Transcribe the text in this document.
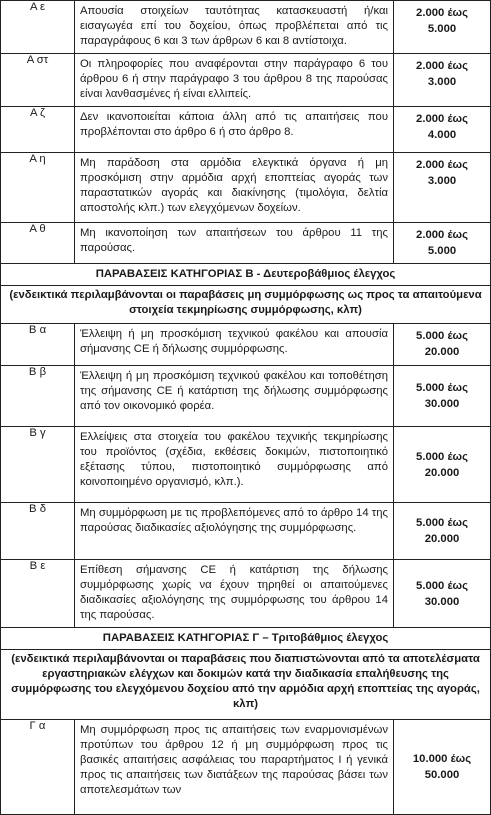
Α ε	Απουσία στοιχείων ταυτότητας κατασκευαστή ή/και εισαγωγέα επί του δοχείου, όπως προβλέπεται από τις παραγράφους 6 και 3 των άρθρων 6 και 8 αντίστοιχα.	2.000 έως
5.000
Α στ	Οι πληροφορίες που αναφέρονται στην παράγραφο 6 του άρθρου 6 ή στην παράγραφο 3 του άρθρου 8 της παρούσας είναι λανθασμένες ή είναι ελλιπείς.	2.000 έως
3.000
Α ζ	Δεν ικανοποιείται κάποια άλλη από τις απαιτήσεις που προβλέπονται στο άρθρο 6 ή στο άρθρο 8.	2.000 έως
4.000
Α η	Μη παράδοση στα αρμόδια ελεγκτικά όργανα ή μη προσκόμιση στην αρμόδια αρχή εποπτείας αγοράς των παραστατικών αγοράς και διακίνησης (τιμολόγια, δελτία αποστολής κλπ.) των ελεγχόμενων δοχείων.	2.000 έως
3.000
Α θ	Μη ικανοποίηση των απαιτήσεων του άρθρου 11 της παρούσας.	2.000 έως
5.000
ΠΑΡΑΒΑΣΕΙΣ ΚΑΤΗΓΟΡΙΑΣ Β - Δευτεροβάθμιος έλεγχος		
(ενδεικτικά περιλαμβάνονται οι παραβάσεις μη συμμόρφωσης ως προς τα απαιτούμενα στοιχεία τεκμηρίωσης συμμόρφωσης, κλπ)		
Β α	Έλλειψη ή μη προσκόμιση τεχνικού φακέλου και απουσία σήμανσης CE ή δήλωσης συμμόρφωσης.	5.000 έως
20.000
Β β	Έλλειψη ή μη προσκόμιση τεχνικού φακέλου και τοποθέτηση της σήμανσης CE ή κατάρτιση της δήλωσης συμμόρφωσης από τον οικονομικό φορέα.	5.000 έως
30.000
Β γ	Ελλείψεις στα στοιχεία του φακέλου τεχνικής τεκμηρίωσης του προϊόντος (σχέδια, εκθέσεις δοκιμών, πιστοποιητικό εξέτασης τύπου, πιστοποιητικό συμμόρφωσης από κοινοποιημένο οργανισμό, κλπ.).	5.000 έως
20.000
Β δ	Μη συμμόρφωση με τις προβλεπόμενες από το άρθρο 14 της παρούσας διαδικασίες αξιολόγησης της συμμόρφωσης.	5.000 έως
20.000
Β ε	Επίθεση σήμανσης CE ή κατάρτιση της δήλωσης συμμόρφωσης χωρίς να έχουν τηρηθεί οι απαιτούμενες διαδικασίες αξιολόγησης της συμμόρφωσης του άρθρου 14 της παρούσας.	5.000 έως
30.000
ΠΑΡΑΒΑΣΕΙΣ ΚΑΤΗΓΟΡΙΑΣ Γ – Τριτοβάθμιος έλεγχος		
(ενδεικτικά περιλαμβάνονται οι παραβάσεις που διαπιστώνονται από τα αποτελέσματα εργαστηριακών ελέγχων και δοκιμών κατά την διαδικασία επαλήθευσης της συμμόρφωσης του ελεγχόμενου δοχείου από την αρμόδια αρχή εποπτείας της αγοράς, κλπ)		
Γ α	Μη συμμόρφωση προς τις απαιτήσεις των εναρμονισμένων προτύπων του άρθρου 12 ή μη συμμόρφωση προς τις βασικές απαιτήσεις ασφάλειας του παραρτήματος Ι ή γενικά προς τις απαιτήσεις των διατάξεων της παρούσας βάσει των αποτελεσμάτων των	10.000 έως
50.000
